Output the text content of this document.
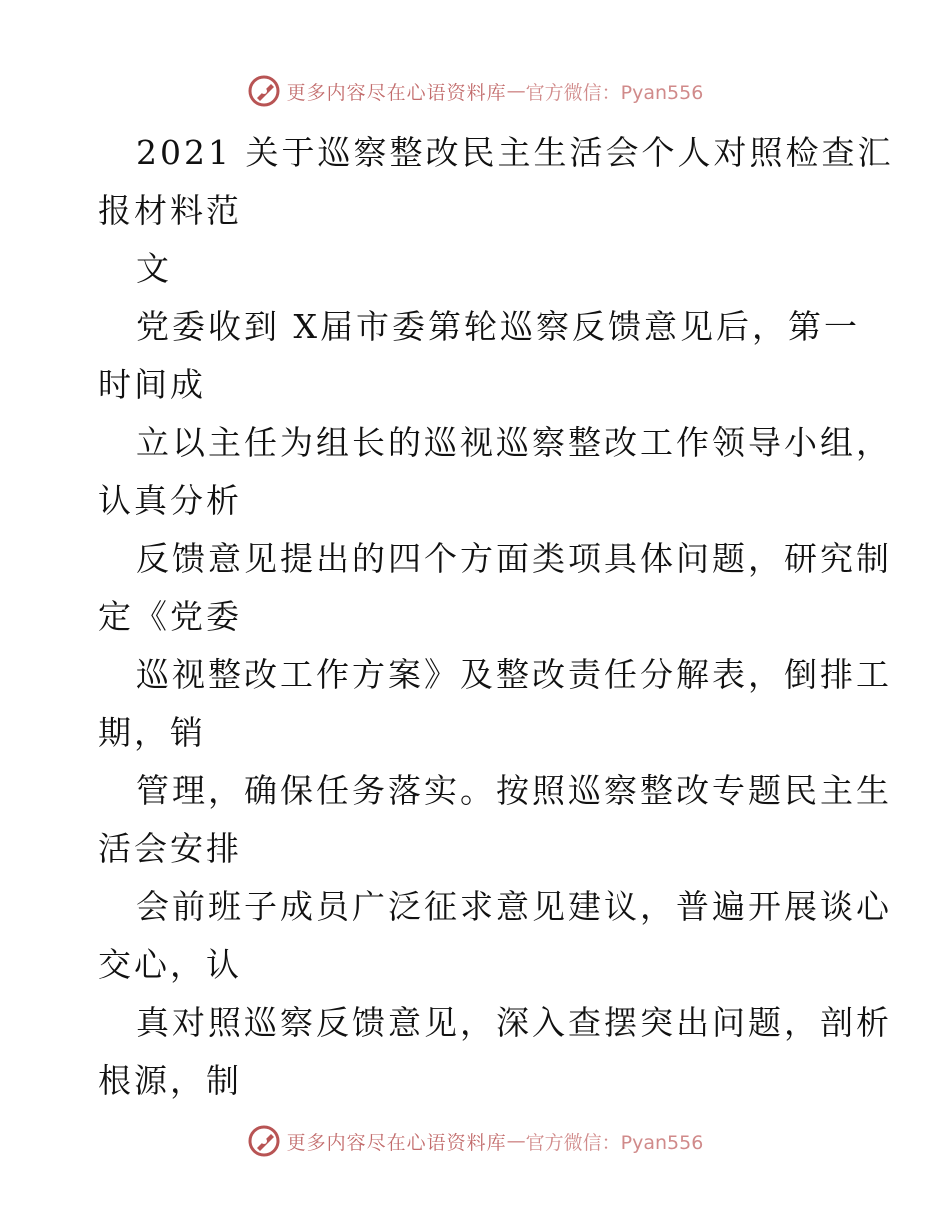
更多内容尽在心语资料库 — 官方微信：Pyan556
2021 关于巡察整改民主生活会个人对照检查汇
报材料范
文
党委收到 X届市委第轮巡察反馈意见后，第一
时间成
立以主任为组长的巡视巡察整改工作领导小组，
认真分析
反馈意见提出的四个方面类项具体问题，研究制
定《党委
巡视整改工作方案》及整改责任分解表，倒排工
期，销
管理，确保任务落实。按照巡察整改专题民主生
活会安排
会前班子成员广泛征求意见建议，普遍开展谈心
交心，认
真对照巡察反馈意见，深入查摆突出问题，剖析
根源，制
更多内容尽在心语资料库 — 官方微信：Pyan556
